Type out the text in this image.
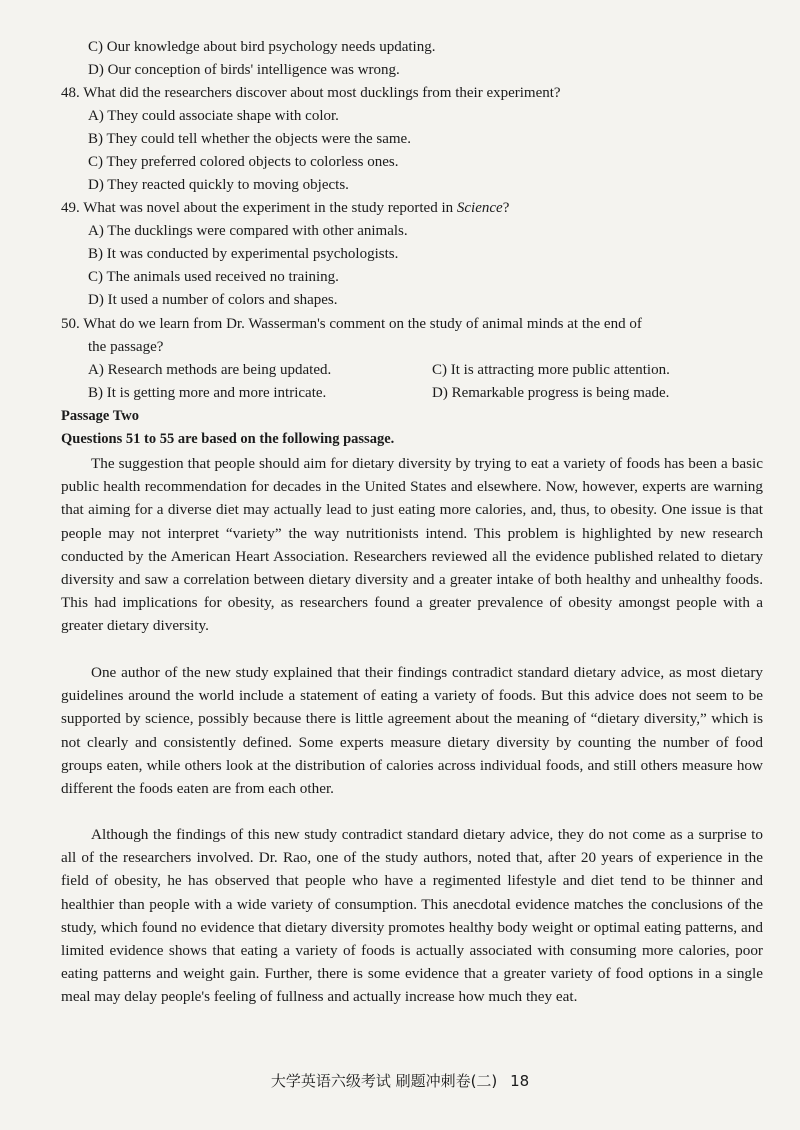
C) Our knowledge about bird psychology needs updating.
D) Our conception of birds' intelligence was wrong.
48. What did the researchers discover about most ducklings from their experiment?
A) They could associate shape with color.
B) They could tell whether the objects were the same.
C) They preferred colored objects to colorless ones.
D) They reacted quickly to moving objects.
49. What was novel about the experiment in the study reported in Science?
A) The ducklings were compared with other animals.
B) It was conducted by experimental psychologists.
C) The animals used received no training.
D) It used a number of colors and shapes.
50. What do we learn from Dr. Wasserman's comment on the study of animal minds at the end of
the passage?
A) Research methods are being updated.	C) It is attracting more public attention.
B) It is getting more and more intricate.	D) Remarkable progress is being made.
Passage Two
Questions 51 to 55 are based on the following passage.

The suggestion that people should aim for dietary diversity by trying to eat a variety of foods has been a basic public health recommendation for decades in the United States and elsewhere. Now, however, experts are warning that aiming for a diverse diet may actually lead to just eating more calories, and, thus, to obesity. One issue is that people may not interpret “variety” the way nutritionists intend. This problem is highlighted by new research conducted by the American Heart Association. Researchers reviewed all the evidence published related to dietary diversity and saw a correlation between dietary diversity and a greater intake of both healthy and unhealthy foods. This had implications for obesity, as researchers found a greater prevalence of obesity amongst people with a greater dietary diversity.

One author of the new study explained that their findings contradict standard dietary advice, as most dietary guidelines around the world include a statement of eating a variety of foods. But this advice does not seem to be supported by science, possibly because there is little agreement about the meaning of “dietary diversity,” which is not clearly and consistently defined. Some experts measure dietary diversity by counting the number of food groups eaten, while others look at the distribution of calories across individual foods, and still others measure how different the foods eaten are from each other.

Although the findings of this new study contradict standard dietary advice, they do not come as a surprise to all of the researchers involved. Dr. Rao, one of the study authors, noted that, after 20 years of experience in the field of obesity, he has observed that people who have a regimented lifestyle and diet tend to be thinner and healthier than people with a wide variety of consumption. This anecdotal evidence matches the conclusions of the study, which found no evidence that dietary diversity promotes healthy body weight or optimal eating patterns, and limited evidence shows that eating a variety of foods is actually associated with consuming more calories, poor eating patterns and weight gain. Further, there is some evidence that a greater variety of food options in a single meal may delay people's feeling of fullness and actually increase how much they eat.

大学英语六级考试 刷题冲刺卷(二) 18
